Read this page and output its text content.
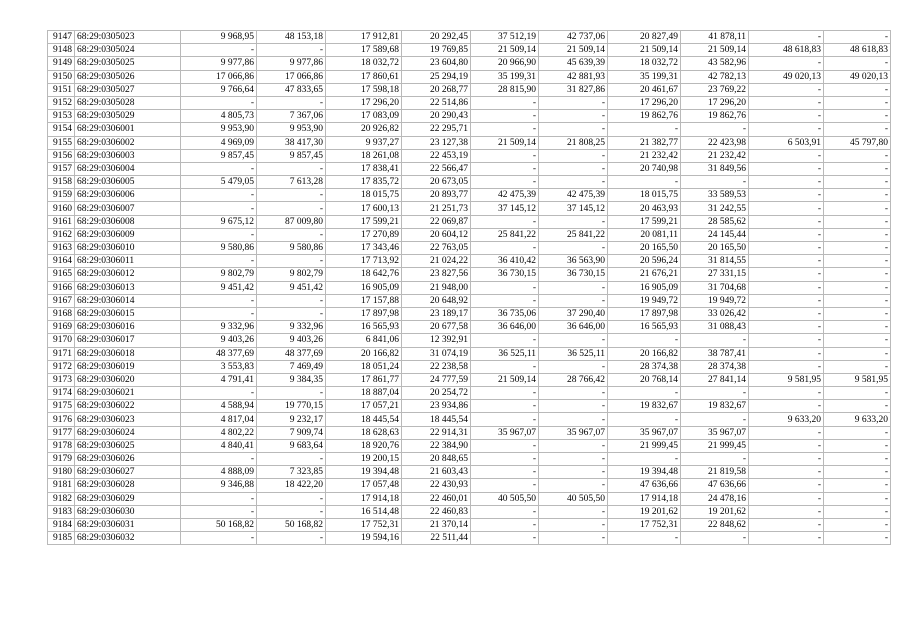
9147	68:29:0305023	9 968,95	48 153,18	17 912,81	20 292,45	37 512,19	42 737,06	20 827,49	41 878,11	-	-
9148	68:29:0305024	-	-	17 589,68	19 769,85	21 509,14	21 509,14	21 509,14	21 509,14	48 618,83	48 618,83
9149	68:29:0305025	9 977,86	9 977,86	18 032,72	23 604,80	20 966,90	45 639,39	18 032,72	43 582,96	-	-
9150	68:29:0305026	17 066,86	17 066,86	17 860,61	25 294,19	35 199,31	42 881,93	35 199,31	42 782,13	49 020,13	49 020,13
9151	68:29:0305027	9 766,64	47 833,65	17 598,18	20 268,77	28 815,90	31 827,86	20 461,67	23 769,22	-	-
9152	68:29:0305028	-	-	17 296,20	22 514,86	-	-	17 296,20	17 296,20	-	-
9153	68:29:0305029	4 805,73	7 367,06	17 083,09	20 290,43	-	-	19 862,76	19 862,76	-	-
9154	68:29:0306001	9 953,90	9 953,90	20 926,82	22 295,71	-	-	-	-	-	-
9155	68:29:0306002	4 969,09	38 417,30	9 937,27	23 127,38	21 509,14	21 808,25	21 382,77	22 423,98	6 503,91	45 797,80
9156	68:29:0306003	9 857,45	9 857,45	18 261,08	22 453,19	-	-	21 232,42	21 232,42	-	-
9157	68:29:0306004	-	-	17 838,41	22 566,47	-	-	20 740,98	31 849,56	-	-
9158	68:29:0306005	5 479,05	7 613,28	17 835,72	20 673,05	-	-	-	-	-	-
9159	68:29:0306006	-	-	18 015,75	20 893,77	42 475,39	42 475,39	18 015,75	33 589,53	-	-
9160	68:29:0306007	-	-	17 600,13	21 251,73	37 145,12	37 145,12	20 463,93	31 242,55	-	-
9161	68:29:0306008	9 675,12	87 009,80	17 599,21	22 069,87	-	-	17 599,21	28 585,62	-	-
9162	68:29:0306009	-	-	17 270,89	20 604,12	25 841,22	25 841,22	20 081,11	24 145,44	-	-
9163	68:29:0306010	9 580,86	9 580,86	17 343,46	22 763,05	-	-	20 165,50	20 165,50	-	-
9164	68:29:0306011	-	-	17 713,92	21 024,22	36 410,42	36 563,90	20 596,24	31 814,55	-	-
9165	68:29:0306012	9 802,79	9 802,79	18 642,76	23 827,56	36 730,15	36 730,15	21 676,21	27 331,15	-	-
9166	68:29:0306013	9 451,42	9 451,42	16 905,09	21 948,00	-	-	16 905,09	31 704,68	-	-
9167	68:29:0306014	-	-	17 157,88	20 648,92	-	-	19 949,72	19 949,72	-	-
9168	68:29:0306015	-	-	17 897,98	23 189,17	36 735,06	37 290,40	17 897,98	33 026,42	-	-
9169	68:29:0306016	9 332,96	9 332,96	16 565,93	20 677,58	36 646,00	36 646,00	16 565,93	31 088,43	-	-
9170	68:29:0306017	9 403,26	9 403,26	6 841,06	12 392,91	-	-	-	-	-	-
9171	68:29:0306018	48 377,69	48 377,69	20 166,82	31 074,19	36 525,11	36 525,11	20 166,82	38 787,41	-	-
9172	68:29:0306019	3 553,83	7 469,49	18 051,24	22 238,58	-	-	28 374,38	28 374,38	-	-
9173	68:29:0306020	4 791,41	9 384,35	17 861,77	24 777,59	21 509,14	28 766,42	20 768,14	27 841,14	9 581,95	9 581,95
9174	68:29:0306021	-	-	18 887,04	20 254,72	-	-	-	-	-	-
9175	68:29:0306022	4 588,94	19 770,15	17 057,21	23 934,86	-	-	19 832,67	19 832,67	-	-
9176	68:29:0306023	4 817,04	9 232,17	18 445,54	18 445,54	-	-	-	-	9 633,20	9 633,20
9177	68:29:0306024	4 802,22	7 909,74	18 628,63	22 914,31	35 967,07	35 967,07	35 967,07	35 967,07	-	-
9178	68:29:0306025	4 840,41	9 683,64	18 920,76	22 384,90	-	-	21 999,45	21 999,45	-	-
9179	68:29:0306026	-	-	19 200,15	20 848,65	-	-	-	-	-	-
9180	68:29:0306027	4 888,09	7 323,85	19 394,48	21 603,43	-	-	19 394,48	21 819,58	-	-
9181	68:29:0306028	9 346,88	18 422,20	17 057,48	22 430,93	-	-	47 636,66	47 636,66	-	-
9182	68:29:0306029	-	-	17 914,18	22 460,01	40 505,50	40 505,50	17 914,18	24 478,16	-	-
9183	68:29:0306030	-	-	16 514,48	22 460,83	-	-	19 201,62	19 201,62	-	-
9184	68:29:0306031	50 168,82	50 168,82	17 752,31	21 370,14	-	-	17 752,31	22 848,62	-	-
9185	68:29:0306032	-	-	19 594,16	22 511,44	-	-	-	-	-	-
